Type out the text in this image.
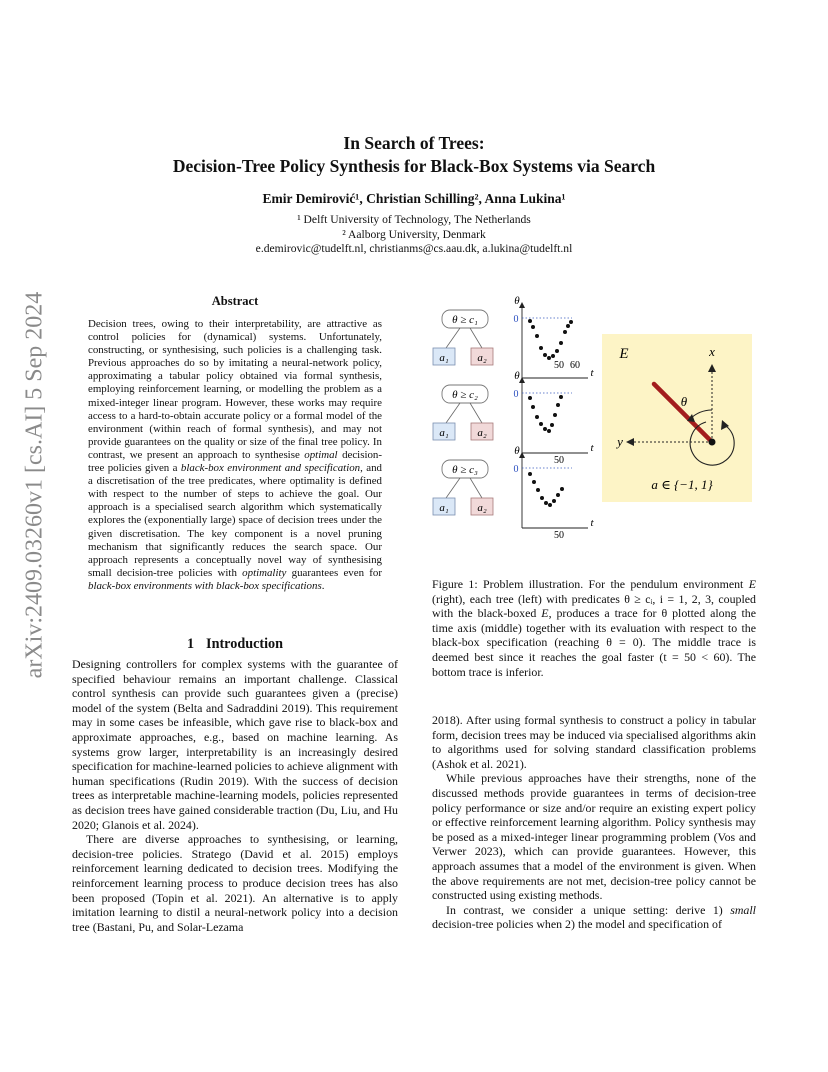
In Search of Trees:
Decision-Tree Policy Synthesis for Black-Box Systems via Search
Emir Demirović¹, Christian Schilling², Anna Lukina¹
¹ Delft University of Technology, The Netherlands
² Aalborg University, Denmark
e.demirovic@tudelft.nl, christianms@cs.aau.dk, a.lukina@tudelft.nl
arXiv:2409.03260v1 [cs.AI] 5 Sep 2024	Abstract
Decision trees, owing to their interpretability, are attractive as control policies for (dynamical) systems. Unfortunately, constructing, or synthesising, such policies is a challenging task. Previous approaches do so by imitating a neural-network policy, approximating a tabular policy obtained via formal synthesis, employing reinforcement learning, or modelling the problem as a mixed-integer linear program. However, these works may require access to a hard-to-obtain accurate policy or a formal model of the environment (within reach of formal synthesis), and may not provide guarantees on the quality or size of the final tree policy. In contrast, we present an approach to synthesise optimal decision-tree policies given a black-box environment and specification, and a discretisation of the tree predicates, where optimality is defined with respect to the number of steps to achieve the goal. Our approach is a specialised search algorithm which systematically explores the (exponentially large) space of decision trees under the given discretisation. The key component is a novel pruning mechanism that significantly reduces the search space. Our approach represents a conceptually novel way of synthesising small decision-tree policies with optimality guarantees even for black-box environments with black-box specifications.
1 Introduction

Designing controllers for complex systems with the guarantee of specified behaviour remains an important challenge. Classical control synthesis can provide such guarantees given a (precise) model of the system (Belta and Sadraddini 2019). This requirement may in some cases be infeasible, which gave rise to black-box and approximate approaches, e.g., based on machine learning. As systems grow larger, interpretability is an increasingly desired specification for machine-learned policies to achieve alignment with human specifications (Rudin 2019). With the success of decision trees as interpretable machine-learning models, policies represented as decision trees have gained considerable traction (Du, Liu, and Hu 2020; Glanois et al. 2024).

There are diverse approaches to synthesising, or learning, decision-tree policies. Stratego (David et al. 2015) employs reinforcement learning dedicated to decision trees. Modifying the reinforcement learning process to produce decision trees has also been proposed (Topin et al. 2021). An alternative is to apply imitation learning to distil a neural-network policy into a decision tree (Bastani, Pu, and Solar-Lezama

θ ≥ c₁
a₁	a₂
θ ≥ c₂
a₁	a₂
θ ≥ c₃
a₁	a₂
θ
0
t
50 60
θ
0
t
50
θ
0
t
50
E	x
y
θ
a ∈ {−1, 1}
Figure 1: Problem illustration. For the pendulum environment E (right), each tree (left) with predicates θ ≥ cᵢ, i = 1, 2, 3, coupled with the black-boxed E, produces a trace for θ plotted along the time axis (middle) together with its evaluation with respect to the black-box specification (reaching θ = 0). The middle trace is deemed best since it reaches the goal faster (t = 50 < 60). The bottom trace is inferior.

2018). After using formal synthesis to construct a policy in tabular form, decision trees may be induced via specialised algorithms akin to algorithms used for solving standard classification problems (Ashok et al. 2021).

While previous approaches have their strengths, none of the discussed methods provide guarantees in terms of decision-tree policy performance or size and/or require an existing expert policy or effective reinforcement learning algorithm. Policy synthesis may be posed as a mixed-integer linear programming problem (Vos and Verwer 2023), which can provide guarantees. However, this approach assumes that a model of the environment is given. When the above requirements are not met, decision-tree policy cannot be constructed using existing methods.

In contrast, we consider a unique setting: derive 1) small decision-tree policies when 2) the model and specification of
